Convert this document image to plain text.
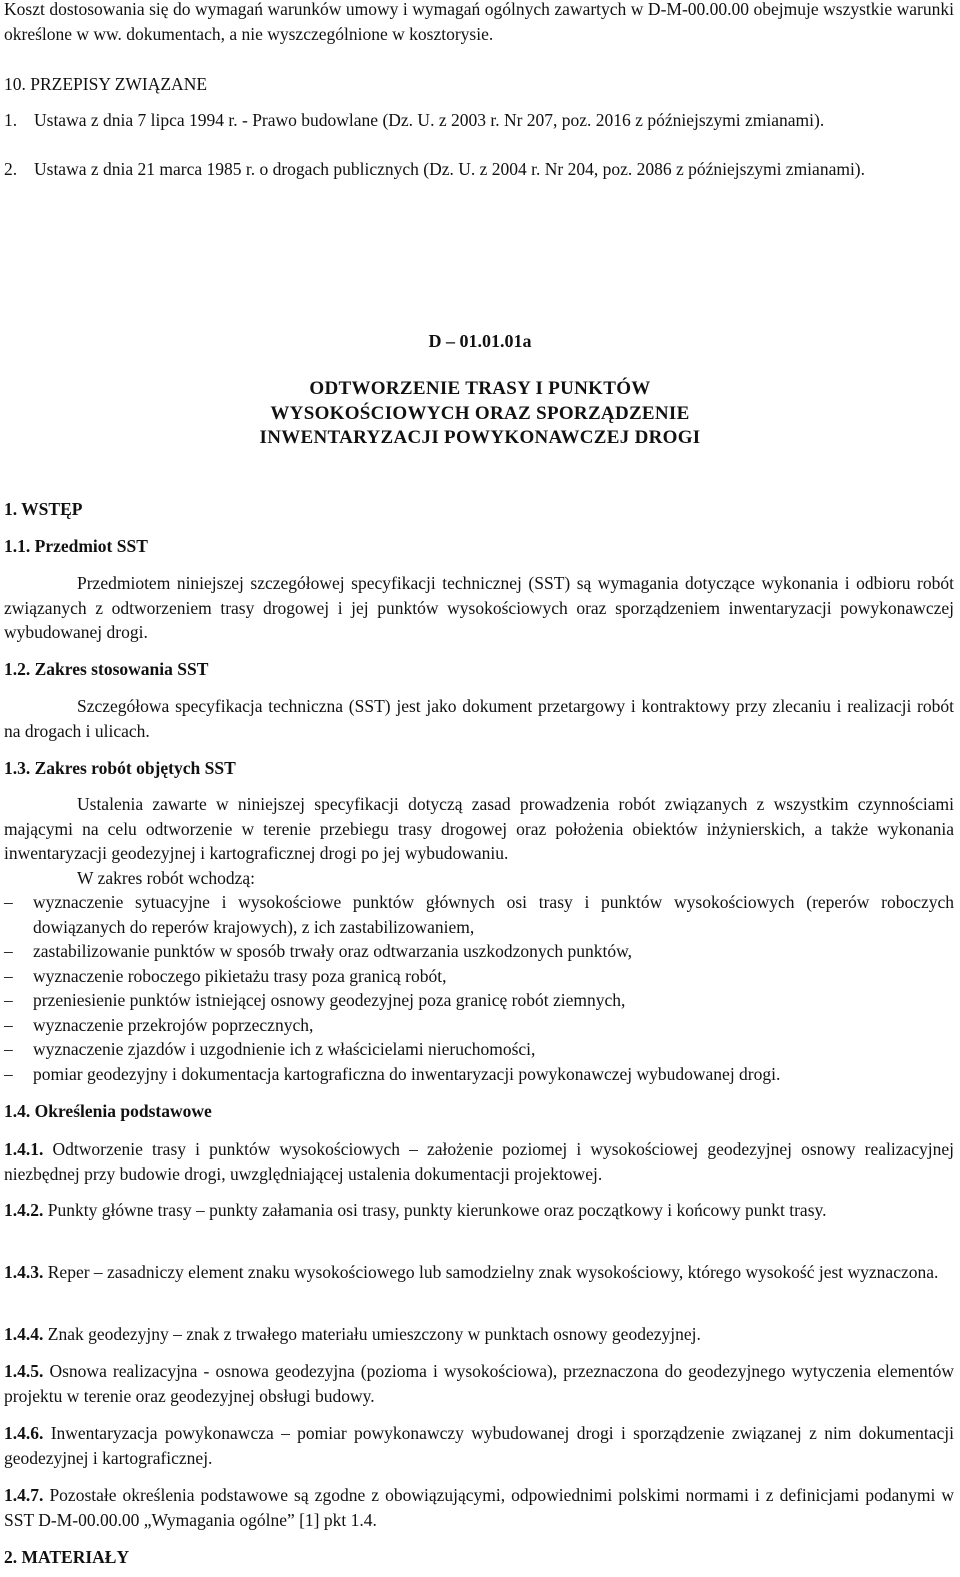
Koszt dostosowania się do wymagań warunków umowy i wymagań ogólnych zawartych w D-M-00.00.00 obejmuje wszystkie warunki określone w ww. dokumentach, a nie wyszczególnione w kosztorysie.

10. PRZEPISY ZWIĄZANE

1. Ustawa z dnia 7 lipca 1994 r. - Prawo budowlane (Dz. U. z 2003 r. Nr 207, poz. 2016 z późniejszymi zmianami).
2. Ustawa z dnia 21 marca 1985 r. o drogach publicznych (Dz. U. z 2004 r. Nr 204, poz. 2086 z późniejszymi zmianami).

D – 01.01.01a

ODTWORZENIE TRASY I PUNKTÓW
WYSOKOŚCIOWYCH ORAZ SPORZĄDZENIE
INWENTARYZACJI POWYKONAWCZEJ DROGI

1. WSTĘP

1.1. Przedmiot SST

Przedmiotem niniejszej szczegółowej specyfikacji technicznej (SST) są wymagania dotyczące wykonania i odbioru robót związanych z odtworzeniem trasy drogowej i jej punktów wysokościowych oraz sporządzeniem inwentaryzacji powykonawczej wybudowanej drogi.

1.2. Zakres stosowania SST

Szczegółowa specyfikacja techniczna (SST) jest jako dokument przetargowy i kontraktowy przy zlecaniu i realizacji robót na drogach i ulicach.

1.3. Zakres robót objętych SST

Ustalenia zawarte w niniejszej specyfikacji dotyczą zasad prowadzenia robót związanych z wszystkim czynnościami mającymi na celu odtworzenie w terenie przebiegu trasy drogowej oraz położenia obiektów inżynierskich, a także wykonania inwentaryzacji geodezyjnej i kartograficznej drogi po jej wybudowaniu.

W zakres robót wchodzą:

– wyznaczenie sytuacyjne i wysokościowe punktów głównych osi trasy i punktów wysokościowych (reperów roboczych dowiązanych do reperów krajowych), z ich zastabilizowaniem,
– zastabilizowanie punktów w sposób trwały oraz odtwarzania uszkodzonych punktów,
– wyznaczenie roboczego pikietażu trasy poza granicą robót,
– przeniesienie punktów istniejącej osnowy geodezyjnej poza granicę robót ziemnych,
– wyznaczenie przekrojów poprzecznych,
– wyznaczenie zjazdów i uzgodnienie ich z właścicielami nieruchomości,
– pomiar geodezyjny i dokumentacja kartograficzna do inwentaryzacji powykonawczej wybudowanej drogi.

1.4. Określenia podstawowe

1.4.1. Odtworzenie trasy i punktów wysokościowych – założenie poziomej i wysokościowej geodezyjnej osnowy realizacyjnej niezbędnej przy budowie drogi, uwzględniającej ustalenia dokumentacji projektowej.

1.4.2. Punkty główne trasy – punkty załamania osi trasy, punkty kierunkowe oraz początkowy i końcowy punkt trasy.

1.4.3. Reper – zasadniczy element znaku wysokościowego lub samodzielny znak wysokościowy, którego wysokość jest wyznaczona.

1.4.4. Znak geodezyjny – znak z trwałego materiału umieszczony w punktach osnowy geodezyjnej.

1.4.5. Osnowa realizacyjna - osnowa geodezyjna (pozioma i wysokościowa), przeznaczona do geodezyjnego wytyczenia elementów projektu w terenie oraz geodezyjnej obsługi budowy.

1.4.6. Inwentaryzacja powykonawcza – pomiar powykonawczy wybudowanej drogi i sporządzenie związanej z nim dokumentacji geodezyjnej i kartograficznej.

1.4.7. Pozostałe określenia podstawowe są zgodne z obowiązującymi, odpowiednimi polskimi normami i z definicjami podanymi w SST D-M-00.00.00 „Wymagania ogólne” [1] pkt 1.4.

2. MATERIAŁY
